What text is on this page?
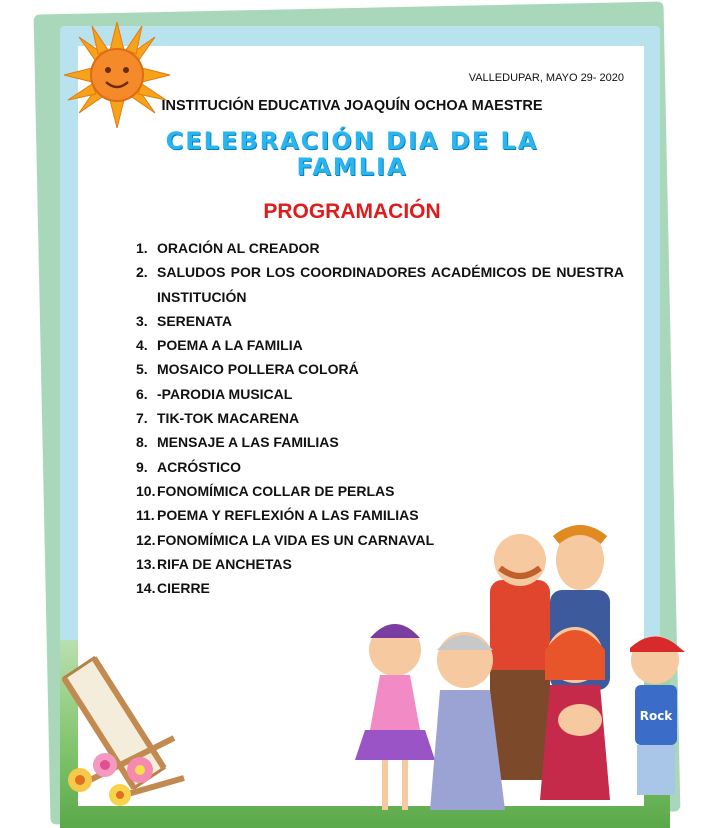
VALLEDUPAR, MAYO 29- 2020
INSTITUCIÓN EDUCATIVA JOAQUÍN OCHOA MAESTRE
CELEBRACIÓN DIA DE LA
FAMLIA
PROGRAMACIÓN
1. ORACIÓN AL CREADOR
2. SALUDOS POR LOS COORDINADORES ACADÉMICOS DE NUESTRA INSTITUCIÓN
3. SERENATA
4. POEMA A LA FAMILIA
5. MOSAICO POLLERA COLORÁ
6. -PARODIA MUSICAL
7. TIK-TOK MACARENA
8. MENSAJE A LAS FAMILIAS
9. ACRÓSTICO
10. FONOMÍMICA COLLAR DE PERLAS
11. POEMA Y REFLEXIÓN A LAS FAMILIAS
12. FONOMÍMICA LA VIDA ES UN CARNAVAL
13. RIFA DE ANCHETAS
14. CIERRE
Rock
